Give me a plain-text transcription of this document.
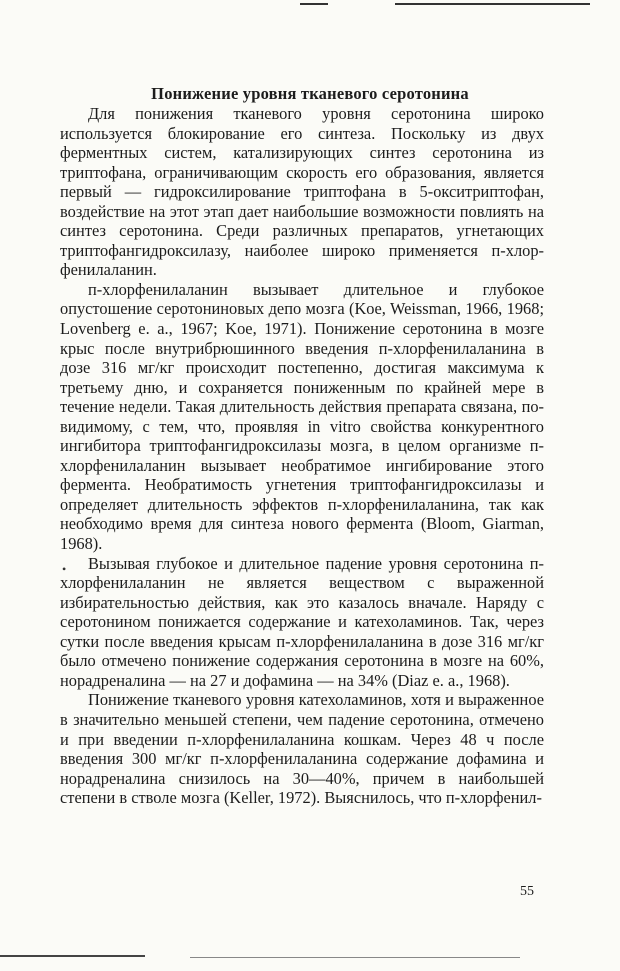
Понижение уровня тканевого серотонина

Для понижения тканевого уровня серотонина широко используется блокирование его синтеза. Поскольку из двух ферментных систем, катализирующих синтез серотонина из триптофана, ограничивающим скорость его образования, является первый — гидроксилирование триптофана в 5-окситриптофан, воздействие на этот этап дает наибольшие возможности повлиять на синтез серотонина. Среди различных препаратов, угнетающих триптофангидроксилазу, наиболее широко применяется п-хлорфенилаланин.

п-хлорфенилаланин вызывает длительное и глубокое опустошение серотониновых депо мозга (Koe, Weissman, 1966, 1968; Lovenberg е. а., 1967; Koe, 1971). Понижение серотонина в мозге крыс после внутрибрюшинного введения п-хлорфенилаланина в дозе 316 мг/кг происходит постепенно, достигая максимума к третьему дню, и сохраняется пониженным по крайней мере в течение недели. Такая длительность действия препарата связана, по-видимому, с тем, что, проявляя in vitro свойства конкурентного ингибитора триптофангидроксилазы мозга, в целом организме п-хлорфенилаланин вызывает необратимое ингибирование этого фермента. Необратимость угнетения триптофангидроксилазы и определяет длительность эффектов п-хлорфенилаланина, так как необходимо время для синтеза нового фермента (Bloom, Giarman, 1968).

Вызывая глубокое и длительное падение уровня серотонина п-хлорфенилаланин не является веществом с выраженной избирательностью действия, как это казалось вначале. Наряду с серотонином понижается содержание и катехоламинов. Так, через сутки после введения крысам п-хлорфенилаланина в дозе 316 мг/кг было отмечено понижение содержания серотонина в мозге на 60%, норадреналина — на 27 и дофамина — на 34% (Diaz е. а., 1968).

Понижение тканевого уровня катехоламинов, хотя и выраженное в значительно меньшей степени, чем падение серотонина, отмечено и при введении п-хлорфенилаланина кошкам. Через 48 ч после введения 300 мг/кг п-хлорфенилаланина содержание дофамина и норадреналина снизилось на 30—40%, причем в наибольшей степени в стволе мозга (Keller, 1972). Выяснилось, что п-хлорфенил-

•
55
